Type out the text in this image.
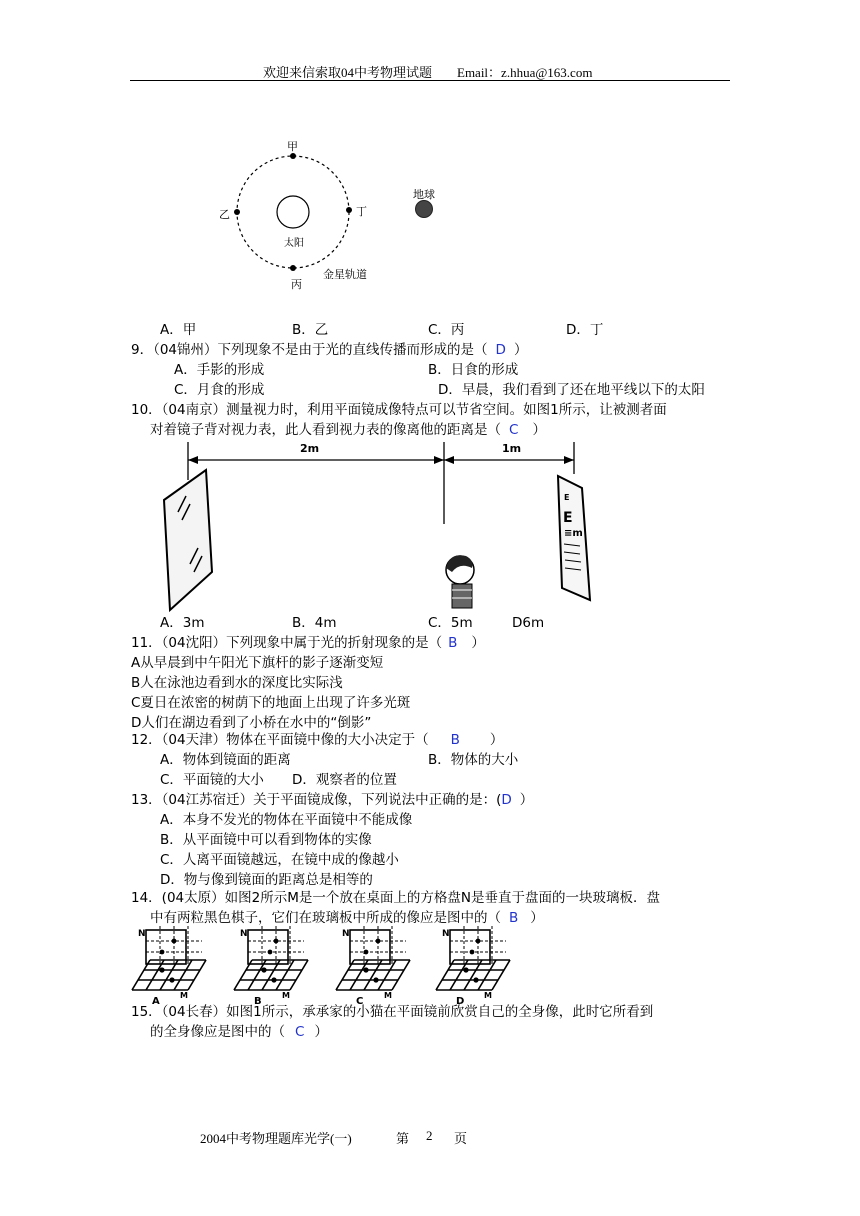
欢迎来信索取04中考物理试题 Email：z.hhua@163.com
甲
乙	丁
丙
太阳
地球
金星轨道
A．甲	B．乙	C．丙	D．丁
9．（04锦州）下列现象不是由于光的直线传播而形成的是（ D ）
A．手影的形成	B．日食的形成
C．月食的形成	D．早晨，我们看到了还在地平线以下的太阳
10．（04南京）测量视力时，利用平面镜成像特点可以节省空间。如图1所示，让被测者面
对着镜子背对视力表，此人看到视力表的像离他的距离是（ C ）
2m	1m
E
E
≡m
A．3m	B．4m	C．5m	D6m
11．（04沈阳）下列现象中属于光的折射现象的是（ B ）
A从早晨到中午阳光下旗杆的影子逐渐变短
B人在泳池边看到水的深度比实际浅
C夏日在浓密的树荫下的地面上出现了许多光斑
D人们在湖边看到了小桥在水中的“倒影”
12．（04天津）物体在平面镜中像的大小决定于（ B ）
A．物体到镜面的距离	B．物体的大小
C．平面镜的大小 D．观察者的位置
13．（04江苏宿迁）关于平面镜成像，下列说法中正确的是：(D ）
A．本身不发光的物体在平面镜中不能成像
B．从平面镜中可以看到物体的实像
C．人离平面镜越远，在镜中成的像越小
D．物与像到镜面的距离总是相等的
14．(04太原）如图2所示M是一个放在桌面上的方格盘N是垂直于盘面的一块玻璃板．盘
中有两粒黑色棋子，它们在玻璃板中所成的像应是图中的（ B ）
N
M
A
N
M
B
N
M
C
N
M
D
15．（04长春）如图1所示，承承家的小猫在平面镜前欣赏自己的全身像，此时它所看到
的全身像应是图中的（ C ）
2004中考物理题库光学(一)	第 2 页
